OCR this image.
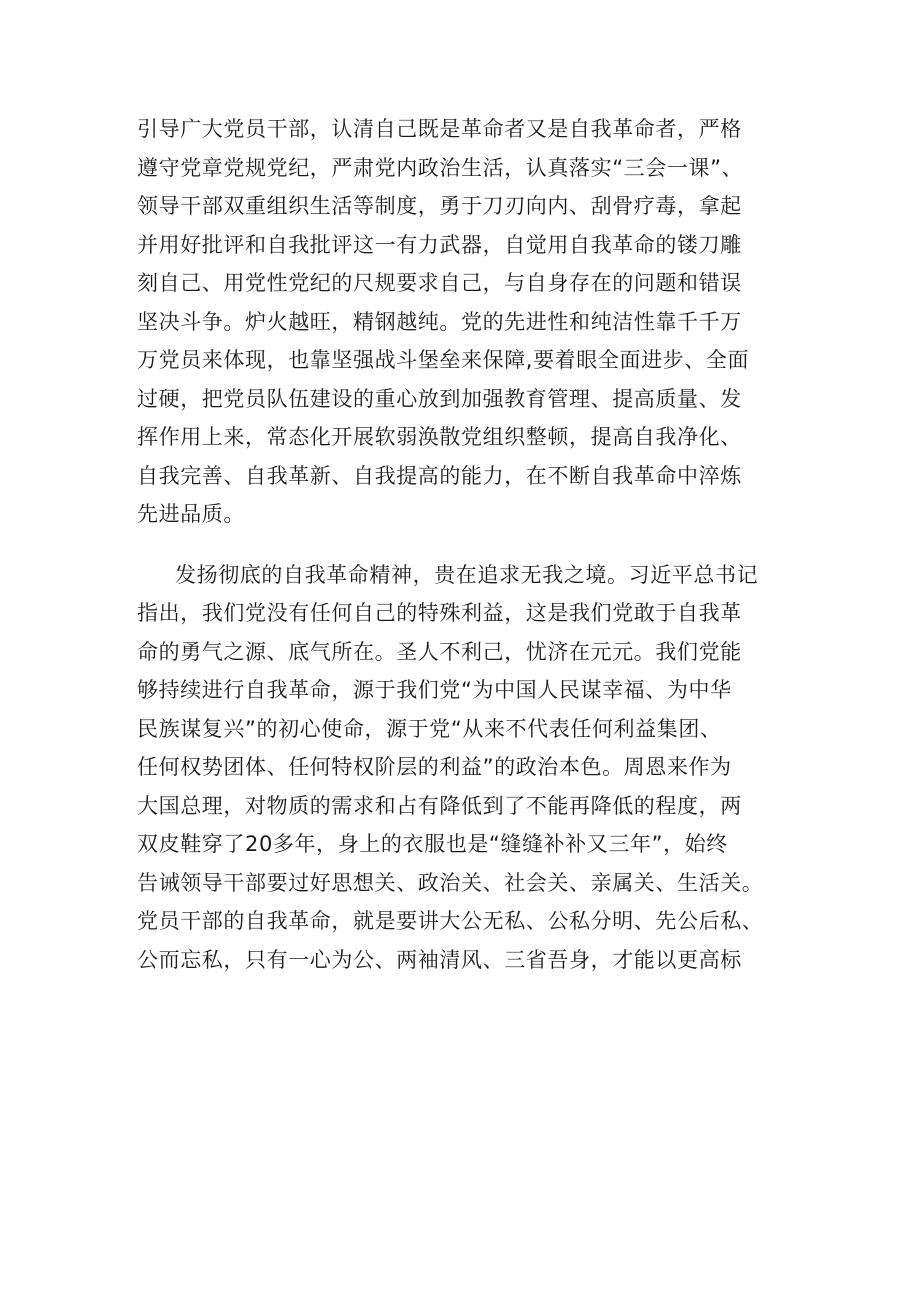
引导广大党员干部，认清自己既是革命者又是自我革命者，严格
遵守党章党规党纪，严肃党内政治生活，认真落实“三会一课”、
领导干部双重组织生活等制度，勇于刀刃向内、刮骨疗毒，拿起
并用好批评和自我批评这一有力武器，自觉用自我革命的镂刀雕
刻自己、用党性党纪的尺规要求自己，与自身存在的问题和错误
坚决斗争。炉火越旺，精钢越纯。党的先进性和纯洁性靠千千万
万党员来体现，也靠坚强战斗堡垒来保障,要着眼全面进步、全面
过硬，把党员队伍建设的重心放到加强教育管理、提高质量、发
挥作用上来，常态化开展软弱涣散党组织整顿，提高自我净化、
自我完善、自我革新、自我提高的能力，在不断自我革命中淬炼
先进品质。
发扬彻底的自我革命精神，贵在追求无我之境。习近平总书记
指出，我们党没有任何自己的特殊利益，这是我们党敢于自我革
命的勇气之源、底气所在。圣人不利己，忧济在元元。我们党能
够持续进行自我革命，源于我们党“为中国人民谋幸福、为中华
民族谋复兴”的初心使命，源于党“从来不代表任何利益集团、
任何权势团体、任何特权阶层的利益”的政治本色。周恩来作为
大国总理，对物质的需求和占有降低到了不能再降低的程度，两
双皮鞋穿了20多年，身上的衣服也是“缝缝补补又三年”，始终
告诫领导干部要过好思想关、政治关、社会关、亲属关、生活关。
党员干部的自我革命，就是要讲大公无私、公私分明、先公后私、
公而忘私，只有一心为公、两袖清风、三省吾身，才能以更高标
